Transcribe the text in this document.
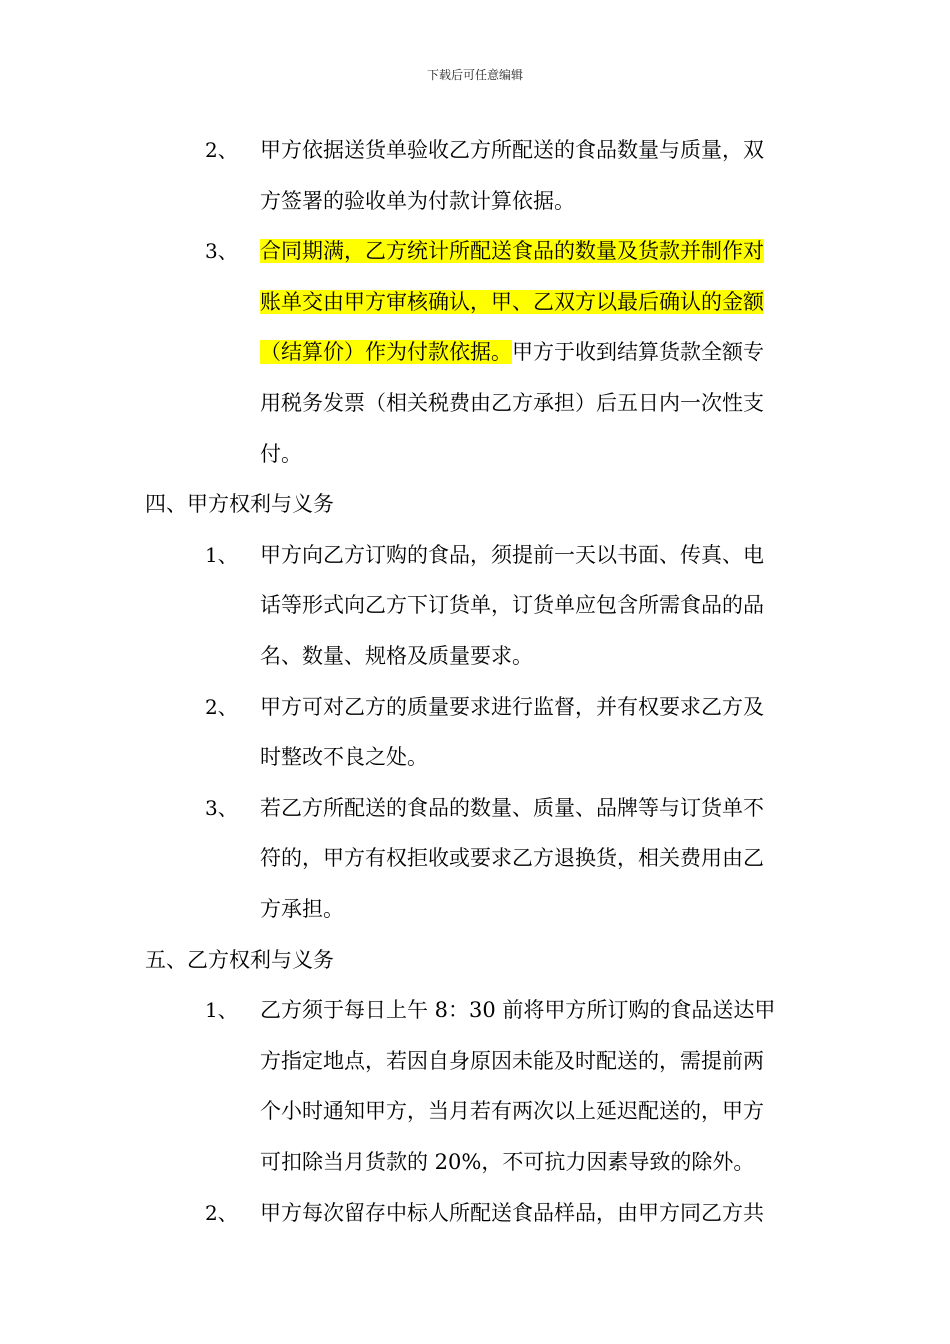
下载后可任意编辑
2、 甲方依据送货单验收乙方所配送的食品数量与质量，双
方签署的验收单为付款计算依据。
3、 合同期满，乙方统计所配送食品的数量及货款并制作对
账单交由甲方审核确认，甲、乙双方以最后确认的金额
（结算价）作为付款依据。甲方于收到结算货款全额专
用税务发票（相关税费由乙方承担）后五日内一次性支
付。
四、甲方权利与义务
1、 甲方向乙方订购的食品，须提前一天以书面、传真、电
话等形式向乙方下订货单，订货单应包含所需食品的品
名、数量、规格及质量要求。
2、 甲方可对乙方的质量要求进行监督，并有权要求乙方及
时整改不良之处。
3、 若乙方所配送的食品的数量、质量、品牌等与订货单不
符的，甲方有权拒收或要求乙方退换货，相关费用由乙
方承担。
五、乙方权利与义务
1、 乙方须于每日上午 8：30 前将甲方所订购的食品送达甲
方指定地点，若因自身原因未能及时配送的，需提前两
个小时通知甲方，当月若有两次以上延迟配送的，甲方
可扣除当月货款的 20%，不可抗力因素导致的除外。
2、 甲方每次留存中标人所配送食品样品，由甲方同乙方共
